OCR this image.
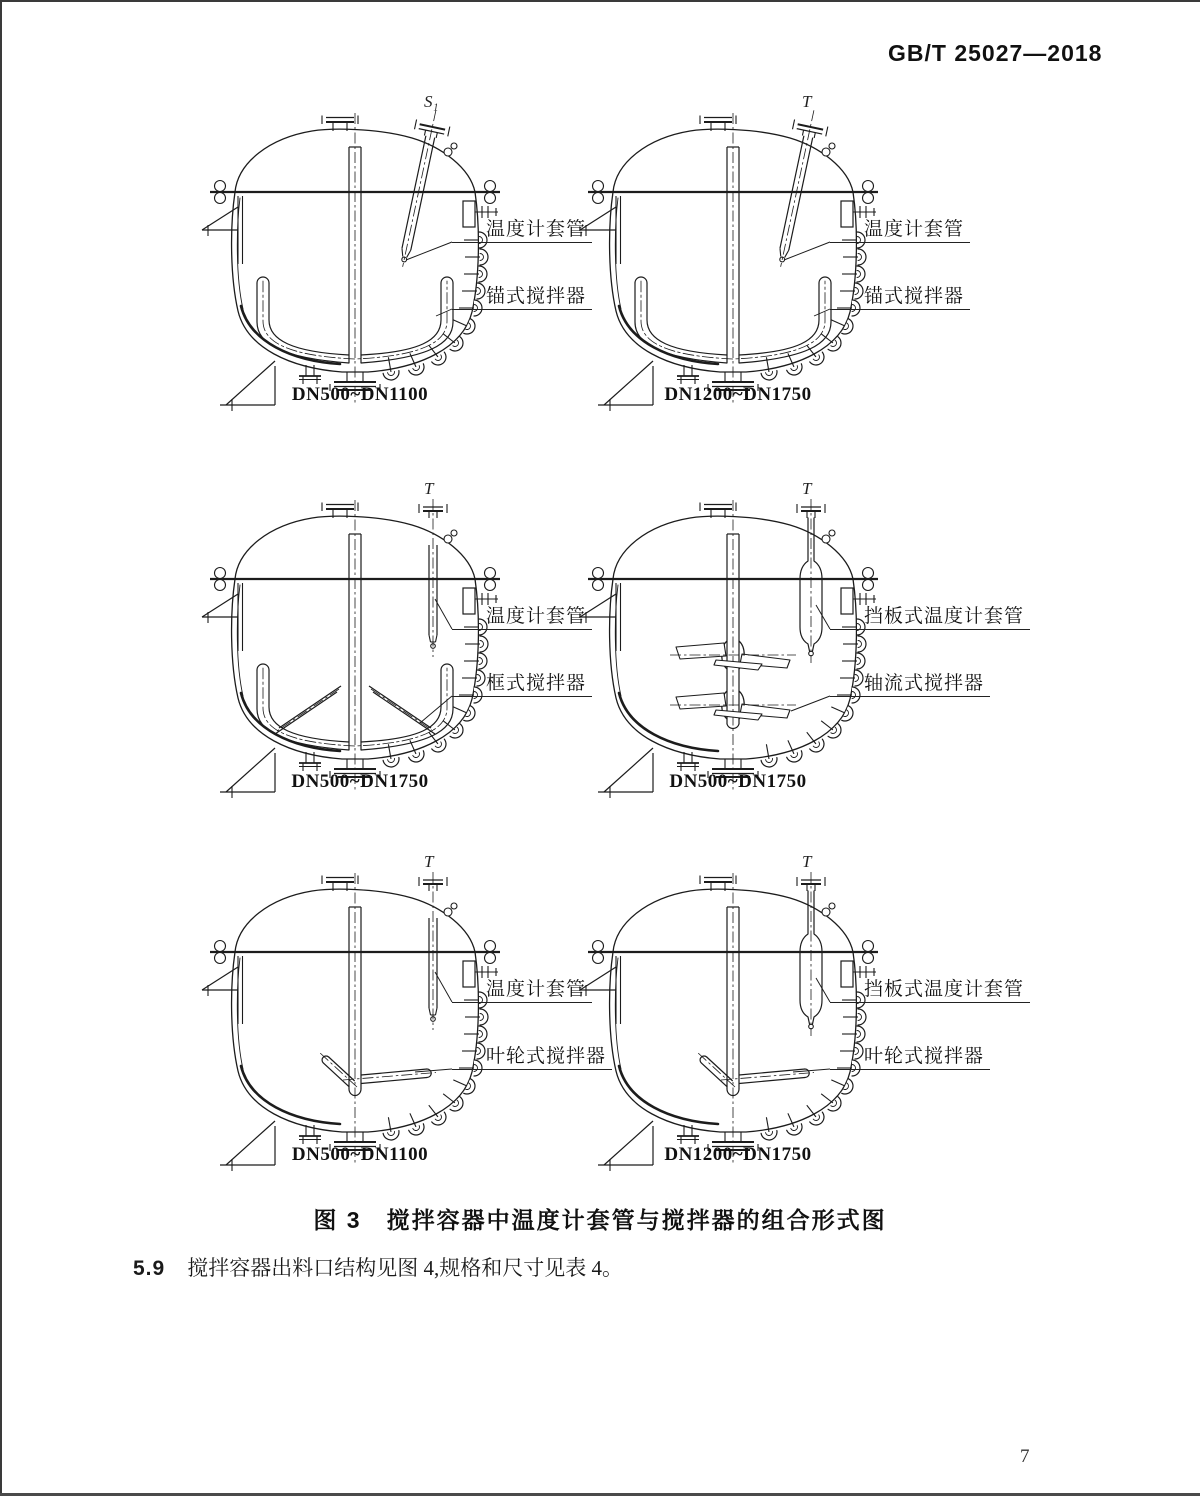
GB/T 25027—2018
S₁
温度计套管
锚式搅拌器
DN500~DN1100
T
温度计套管
锚式搅拌器
DN1200~DN1750
T
温度计套管
框式搅拌器
DN500~DN1750
T
挡板式温度计套管
轴流式搅拌器
DN500~DN1750
T
温度计套管
叶轮式搅拌器
DN500~DN1100
T
挡板式温度计套管
叶轮式搅拌器
DN1200~DN1750
图 3　搅拌容器中温度计套管与搅拌器的组合形式图
5.9 搅拌容器出料口结构见图 4,规格和尺寸见表 4。
7
